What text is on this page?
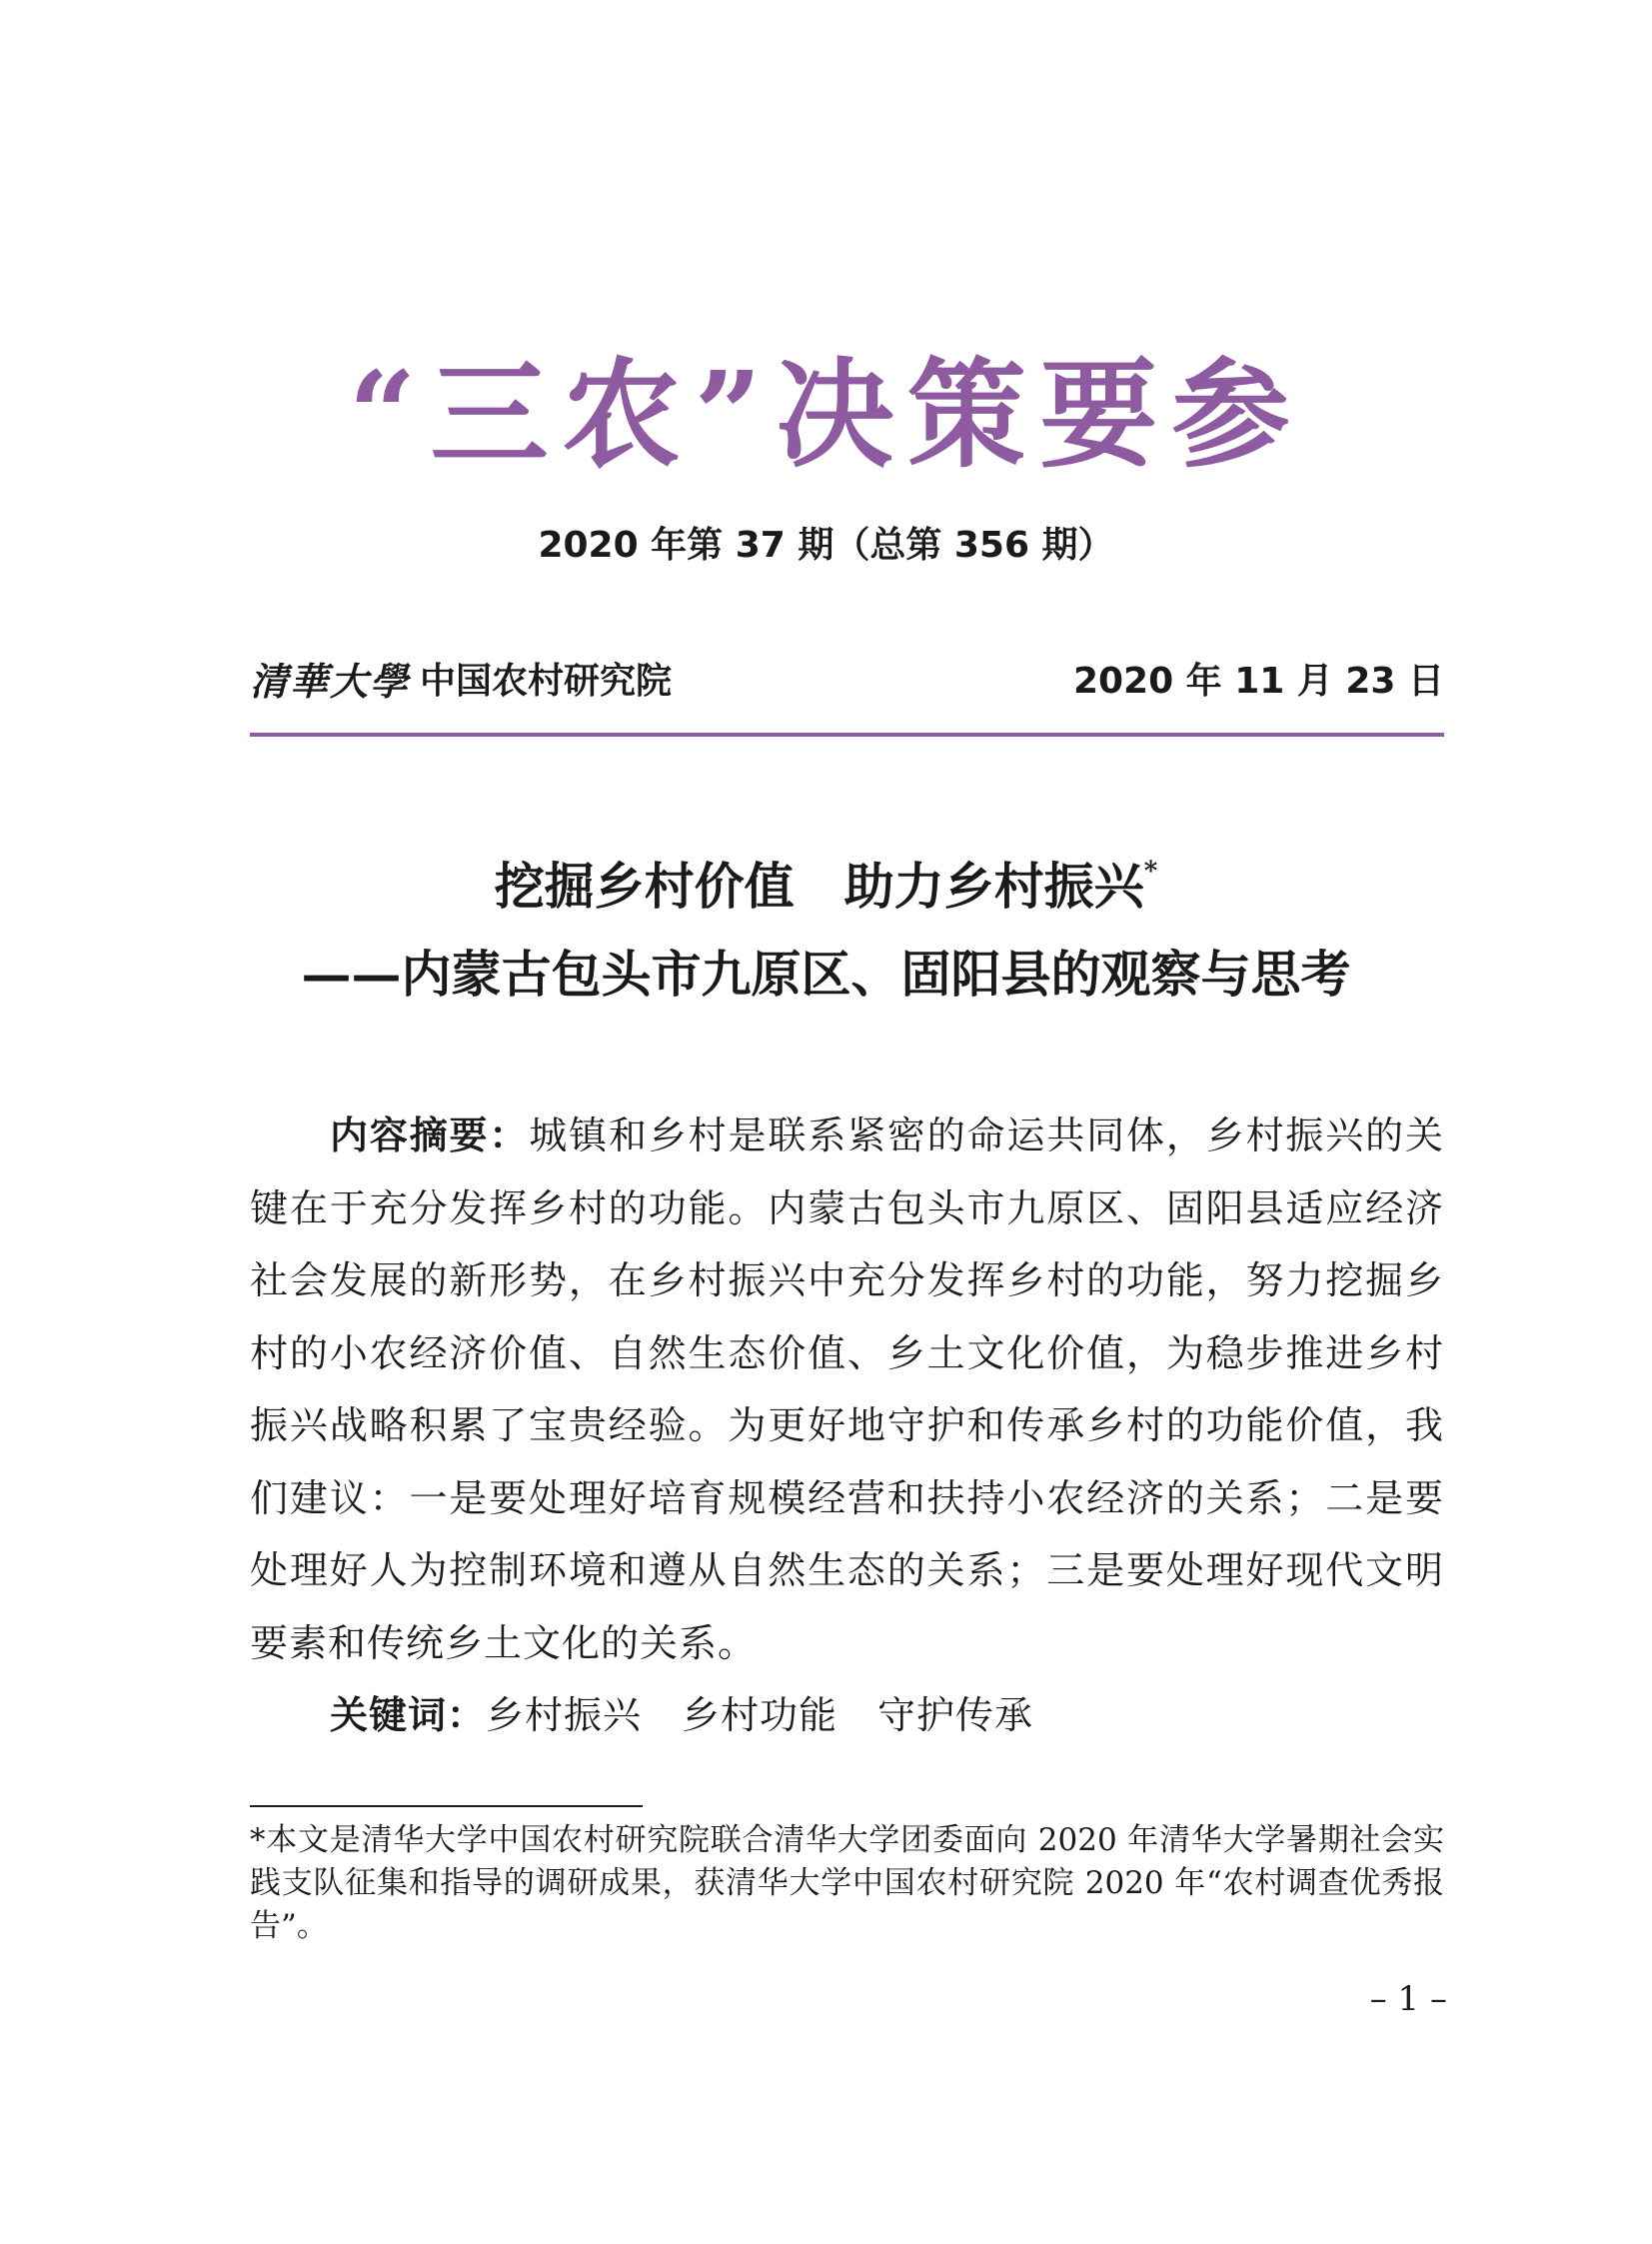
“三农”决策要参
2020 年第 37 期（总第 356 期）
清華大學 中国农村研究院	2020 年 11 月 23 日
挖掘乡村价值　助力乡村振兴*
——内蒙古包头市九原区、固阳县的观察与思考

内容摘要：城镇和乡村是联系紧密的命运共同体，乡村振兴的关键在于充分发挥乡村的功能。内蒙古包头市九原区、固阳县适应经济社会发展的新形势，在乡村振兴中充分发挥乡村的功能，努力挖掘乡村的小农经济价值、自然生态价值、乡土文化价值，为稳步推进乡村振兴战略积累了宝贵经验。为更好地守护和传承乡村的功能价值，我们建议：一是要处理好培育规模经营和扶持小农经济的关系；二是要处理好人为控制环境和遵从自然生态的关系；三是要处理好现代文明要素和传统乡土文化的关系。

关键词：乡村振兴 乡村功能 守护传承

*本文是清华大学中国农村研究院联合清华大学团委面向 2020 年清华大学暑期社会实践支队征集和指导的调研成果，获清华大学中国农村研究院 2020 年“农村调查优秀报告”。

– 1 –
